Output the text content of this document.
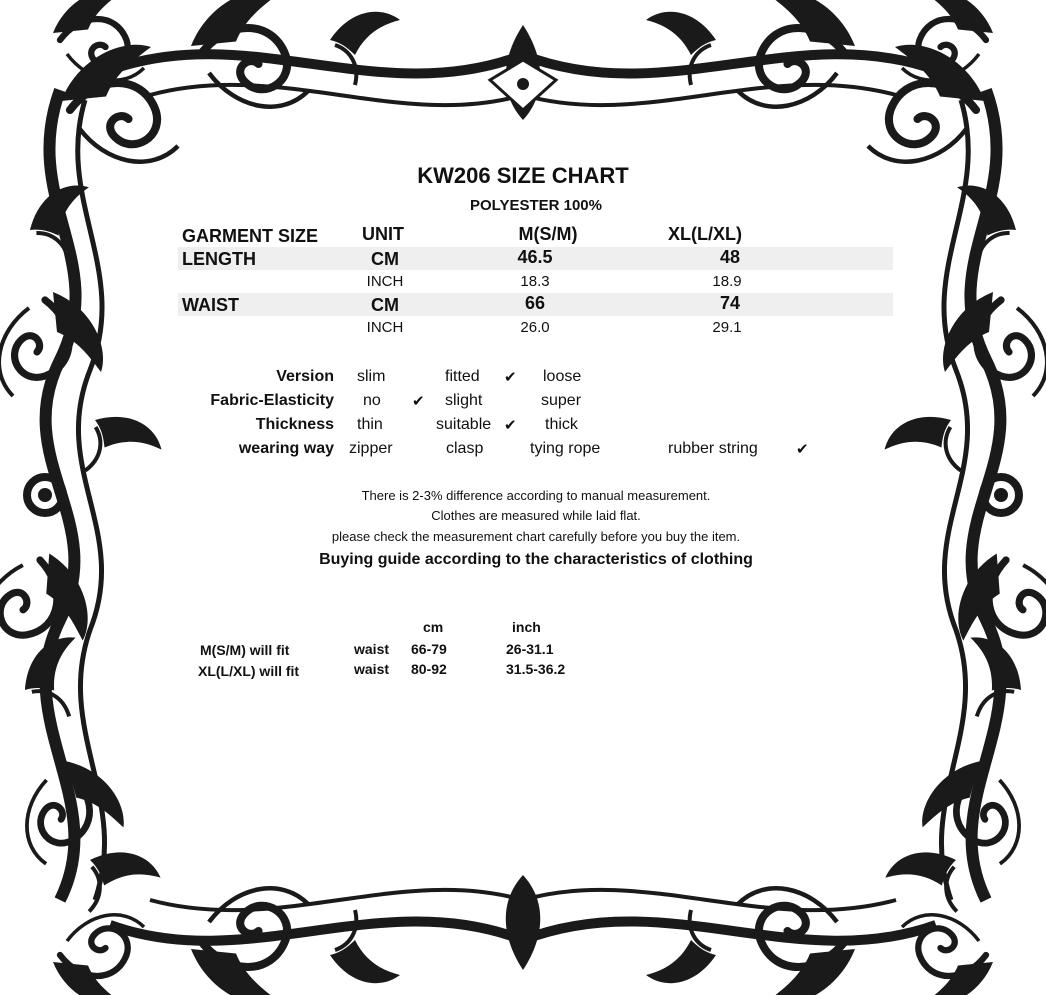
KW206 SIZE CHART
POLYESTER 100%
GARMENT SIZE UNIT	M(S/M)	XL(L/XL)
LENGTH	CM	46.5	48
INCH	18.3	18.9
WAIST	CM	66	74
INCH	26.0	29.1
Version slim	fitted ✔ loose
Fabric-Elasticity no ✔ slight	super
Thickness thin	suitable ✔ thick
wearing way zipper	clasp	tying rope	rubber string	✔
There is 2-3% difference according to manual measurement.
Clothes are measured while laid flat.
please check the measurement chart carefully before you buy the item.
Buying guide according to the characteristics of clothing
cm	inch
M(S/M) will fit	waist 66-79	26-31.1
XL(L/XL) will fit	waist 80-92	31.5-36.2
